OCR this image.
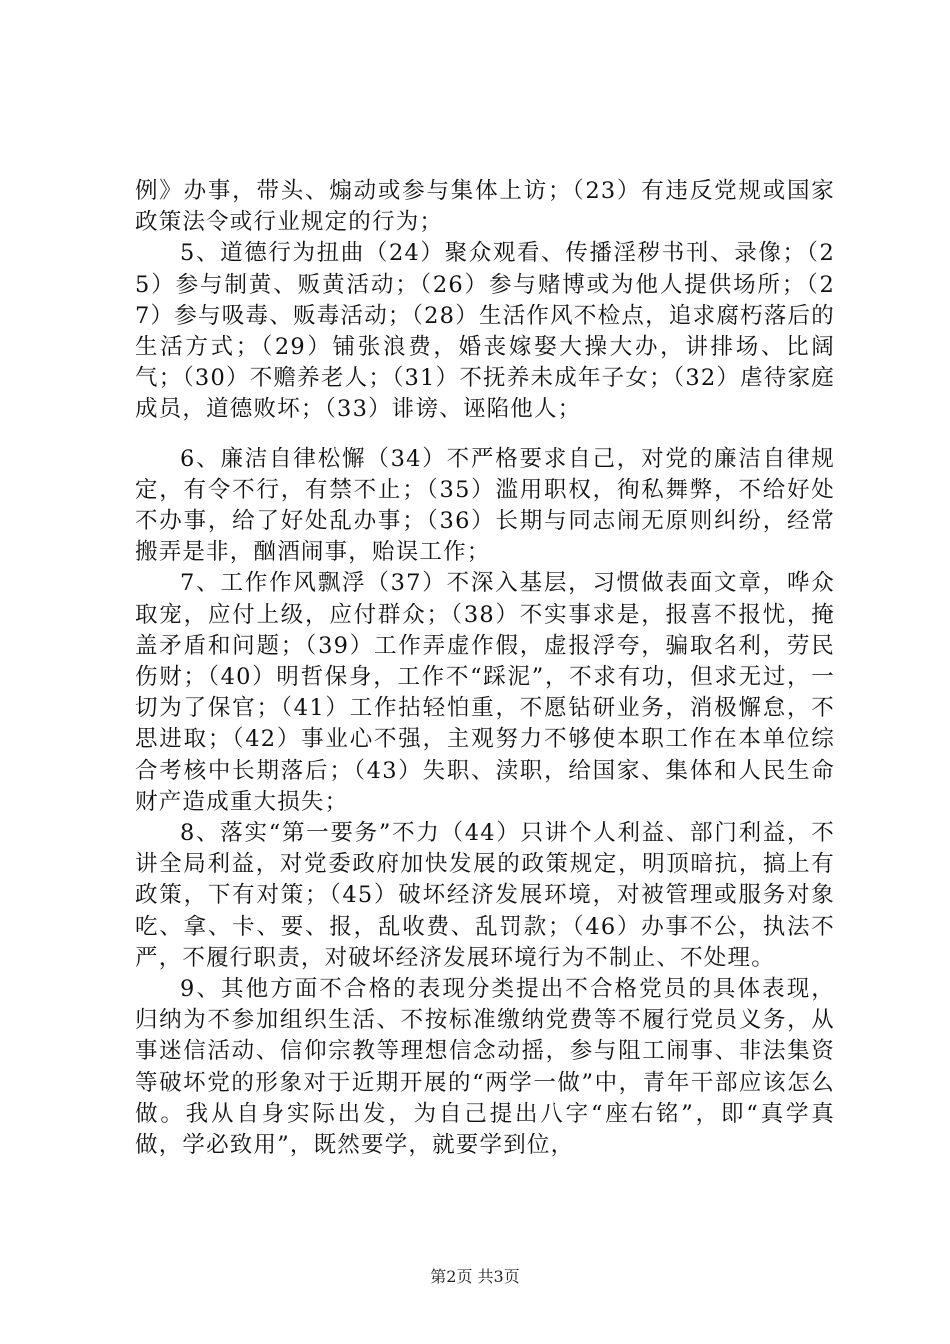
例》办事，带头、煽动或参与集体上访；（23）有违反党规或国家政策法令或行业规定的行为；

5、道德行为扭曲（24）聚众观看、传播淫秽书刊、录像；（25）参与制黄、贩黄活动；（26）参与赌博或为他人提供场所；（27）参与吸毒、贩毒活动；（28）生活作风不检点，追求腐朽落后的生活方式；（29）铺张浪费，婚丧嫁娶大操大办，讲排场、比阔气；（30）不赡养老人；（31）不抚养未成年子女；（32）虐待家庭成员，道德败坏；（33）诽谤、诬陷他人；

6、廉洁自律松懈（34）不严格要求自己，对党的廉洁自律规定，有令不行，有禁不止；（35）滥用职权，徇私舞弊，不给好处不办事，给了好处乱办事；（36）长期与同志闹无原则纠纷，经常搬弄是非，酗酒闹事，贻误工作；

7、工作作风飘浮（37）不深入基层，习惯做表面文章，哗众取宠，应付上级，应付群众；（38）不实事求是，报喜不报忧，掩盖矛盾和问题；（39）工作弄虚作假，虚报浮夸，骗取名利，劳民伤财；（40）明哲保身，工作不“踩泥”，不求有功，但求无过，一切为了保官；（41）工作拈轻怕重，不愿钻研业务，消极懈怠，不思进取；（42）事业心不强，主观努力不够使本职工作在本单位综合考核中长期落后；（43）失职、渎职，给国家、集体和人民生命财产造成重大损失；

8、落实“第一要务”不力（44）只讲个人利益、部门利益，不讲全局利益，对党委政府加快发展的政策规定，明顶暗抗，搞上有政策，下有对策；（45）破坏经济发展环境，对被管理或服务对象吃、拿、卡、要、报，乱收费、乱罚款；（46）办事不公，执法不严，不履行职责，对破坏经济发展环境行为不制止、不处理。

9、其他方面不合格的表现分类提出不合格党员的具体表现，归纳为不参加组织生活、不按标准缴纳党费等不履行党员义务，从事迷信活动、信仰宗教等理想信念动摇，参与阻工闹事、非法集资等破坏党的形象对于近期开展的“两学一做”中，青年干部应该怎么做。我从自身实际出发，为自己提出八字“座右铭”，即“真学真做，学必致用”，既然要学，就要学到位，

第2页 共3页
